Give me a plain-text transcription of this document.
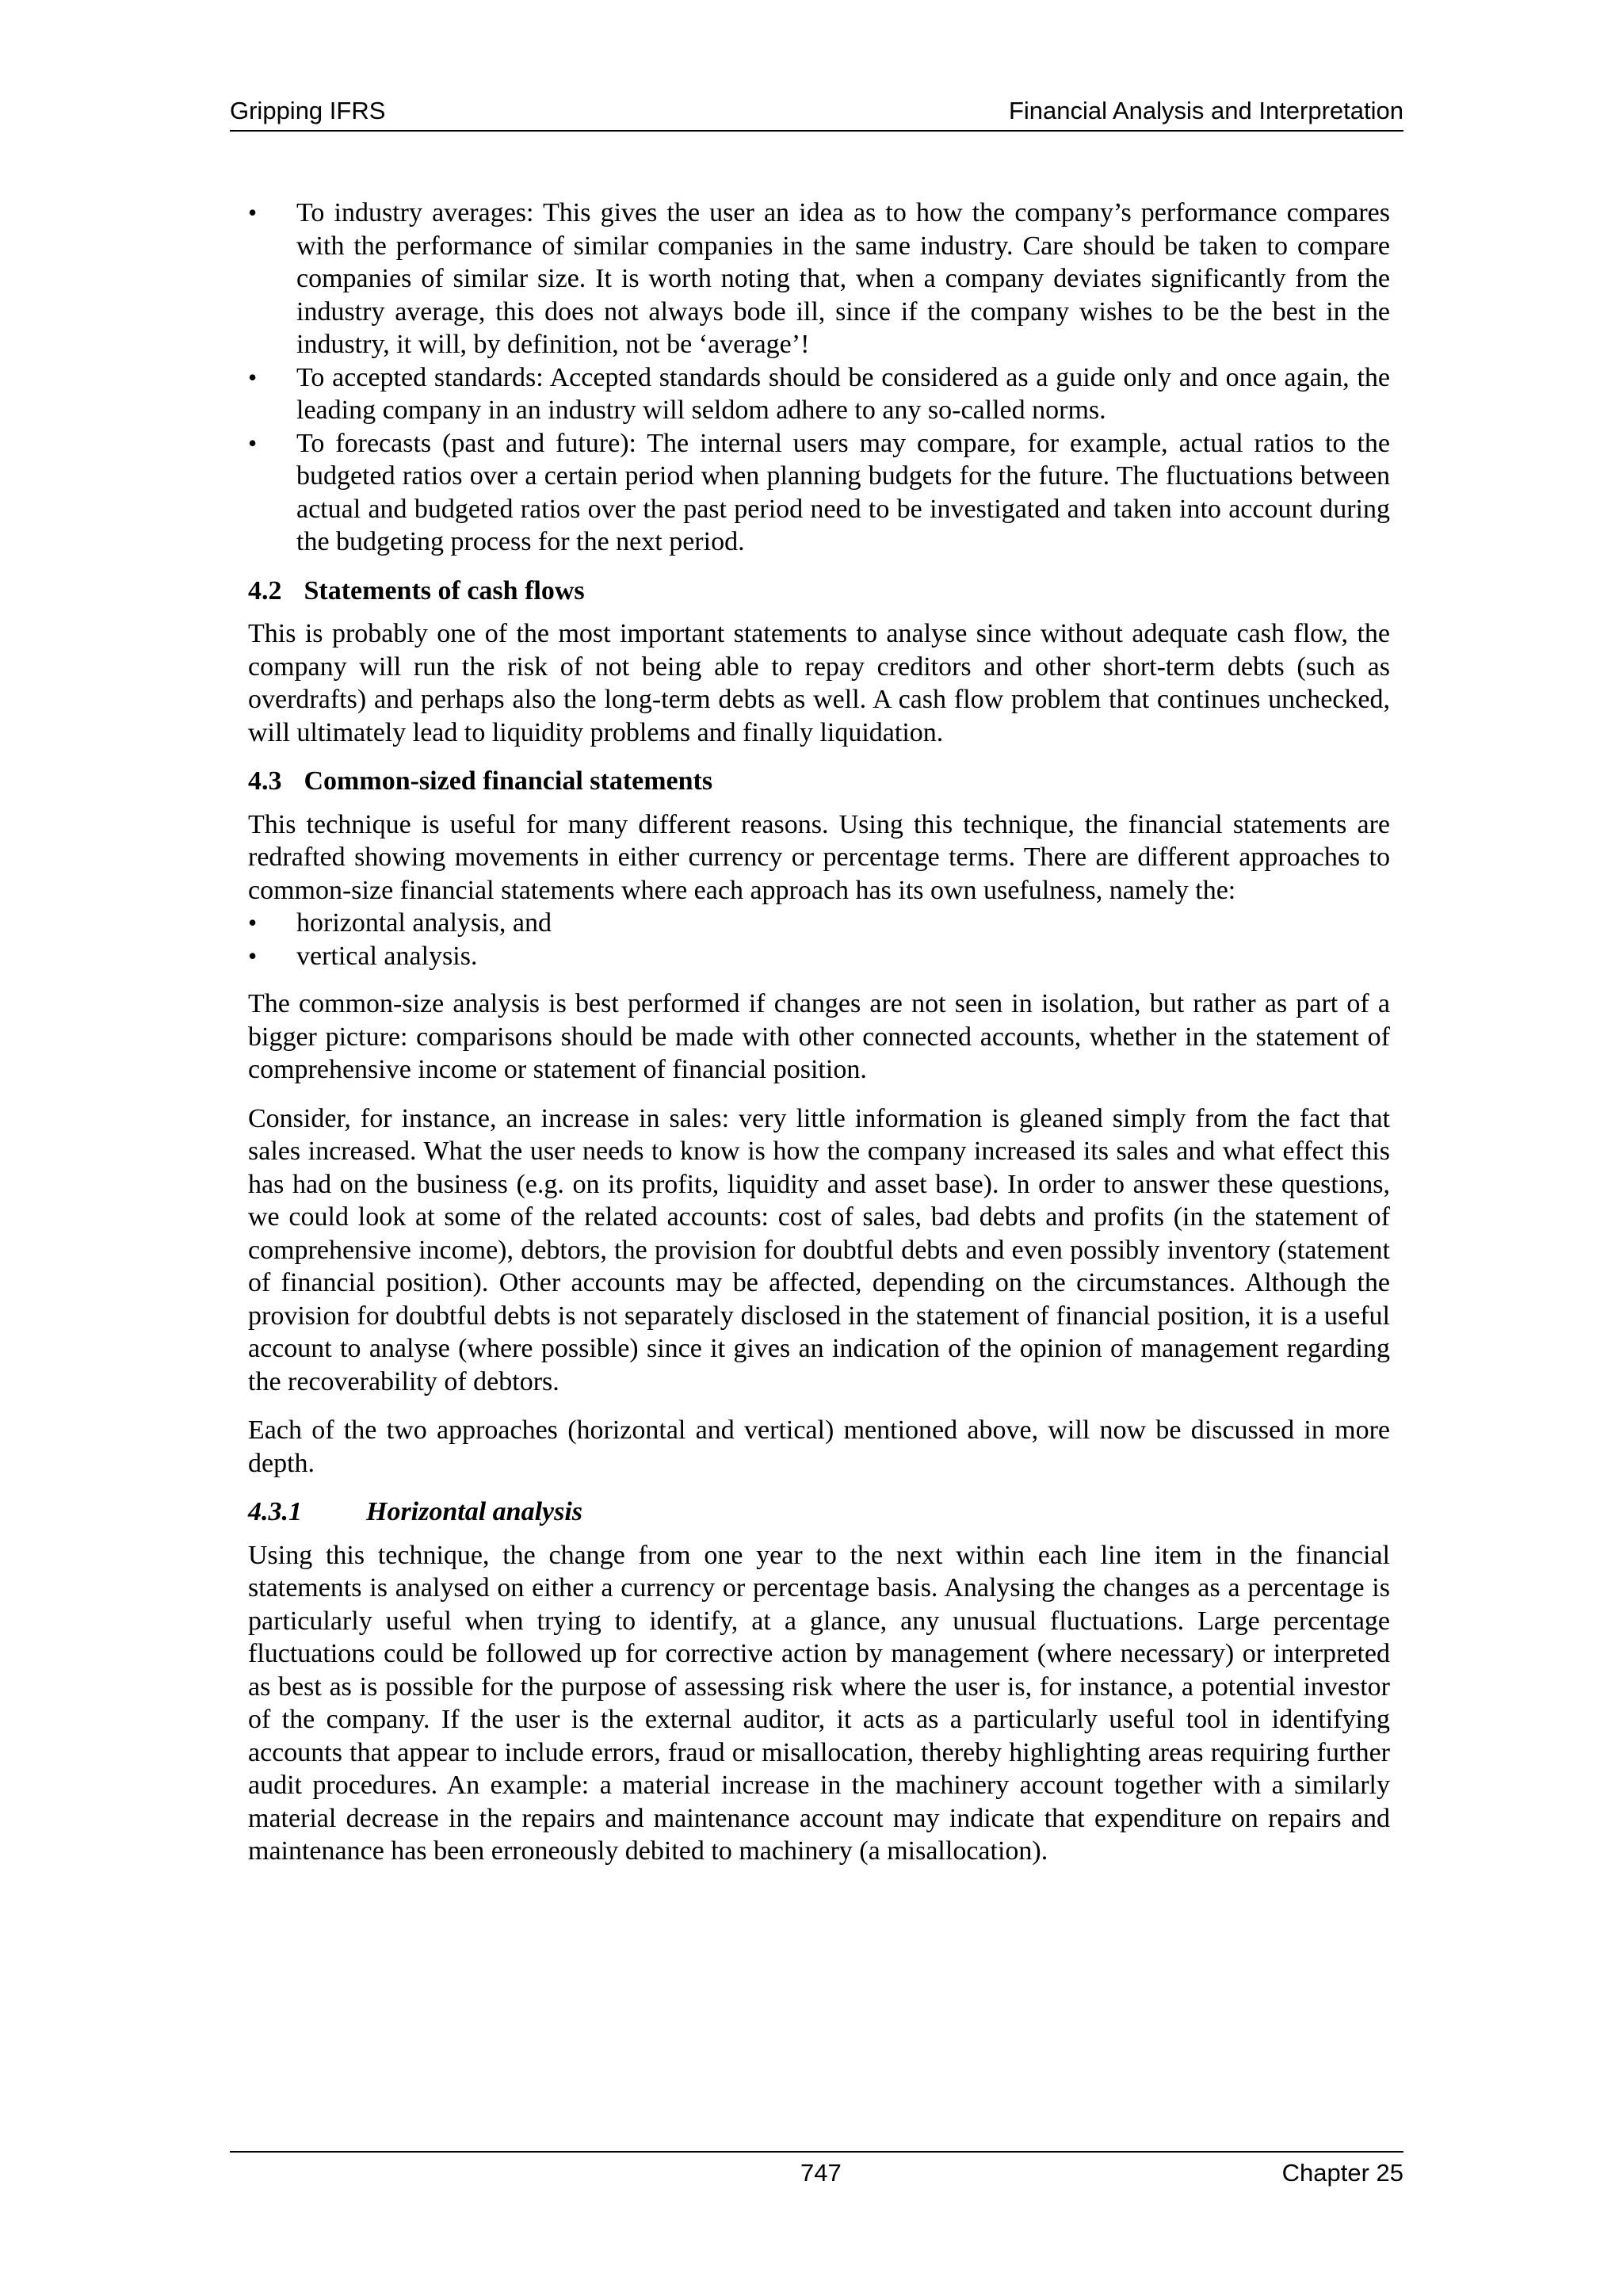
Gripping IFRS	Financial Analysis and Interpretation
• To industry averages: This gives the user an idea as to how the company’s performance compares with the performance of similar companies in the same industry. Care should be taken to compare companies of similar size. It is worth noting that, when a company deviates significantly from the industry average, this does not always bode ill, since if the company wishes to be the best in the industry, it will, by definition, not be ‘average’!
• To accepted standards: Accepted standards should be considered as a guide only and once again, the leading company in an industry will seldom adhere to any so-called norms.
• To forecasts (past and future): The internal users may compare, for example, actual ratios to the budgeted ratios over a certain period when planning budgets for the future. The fluctuations between actual and budgeted ratios over the past period need to be investigated and taken into account during the budgeting process for the next period.
4.2 Statements of cash flows

This is probably one of the most important statements to analyse since without adequate cash flow, the company will run the risk of not being able to repay creditors and other short-term debts (such as overdrafts) and perhaps also the long-term debts as well. A cash flow problem that continues unchecked, will ultimately lead to liquidity problems and finally liquidation.

4.3 Common-sized financial statements

This technique is useful for many different reasons. Using this technique, the financial statements are redrafted showing movements in either currency or percentage terms. There are different approaches to common-size financial statements where each approach has its own usefulness, namely the:

• horizontal analysis, and
• vertical analysis.

The common-size analysis is best performed if changes are not seen in isolation, but rather as part of a bigger picture: comparisons should be made with other connected accounts, whether in the statement of comprehensive income or statement of financial position.

Consider, for instance, an increase in sales: very little information is gleaned simply from the fact that sales increased. What the user needs to know is how the company increased its sales and what effect this has had on the business (e.g. on its profits, liquidity and asset base). In order to answer these questions, we could look at some of the related accounts: cost of sales, bad debts and profits (in the statement of comprehensive income), debtors, the provision for doubtful debts and even possibly inventory (statement of financial position). Other accounts may be affected, depending on the circumstances. Although the provision for doubtful debts is not separately disclosed in the statement of financial position, it is a useful account to analyse (where possible) since it gives an indication of the opinion of management regarding the recoverability of debtors.

Each of the two approaches (horizontal and vertical) mentioned above, will now be discussed in more depth.

4.3.1 Horizontal analysis

Using this technique, the change from one year to the next within each line item in the financial statements is analysed on either a currency or percentage basis. Analysing the changes as a percentage is particularly useful when trying to identify, at a glance, any unusual fluctuations. Large percentage fluctuations could be followed up for corrective action by management (where necessary) or interpreted as best as is possible for the purpose of assessing risk where the user is, for instance, a potential investor of the company. If the user is the external auditor, it acts as a particularly useful tool in identifying accounts that appear to include errors, fraud or misallocation, thereby highlighting areas requiring further audit procedures. An example: a material increase in the machinery account together with a similarly material decrease in the repairs and maintenance account may indicate that expenditure on repairs and maintenance has been erroneously debited to machinery (a misallocation).

747	Chapter 25
